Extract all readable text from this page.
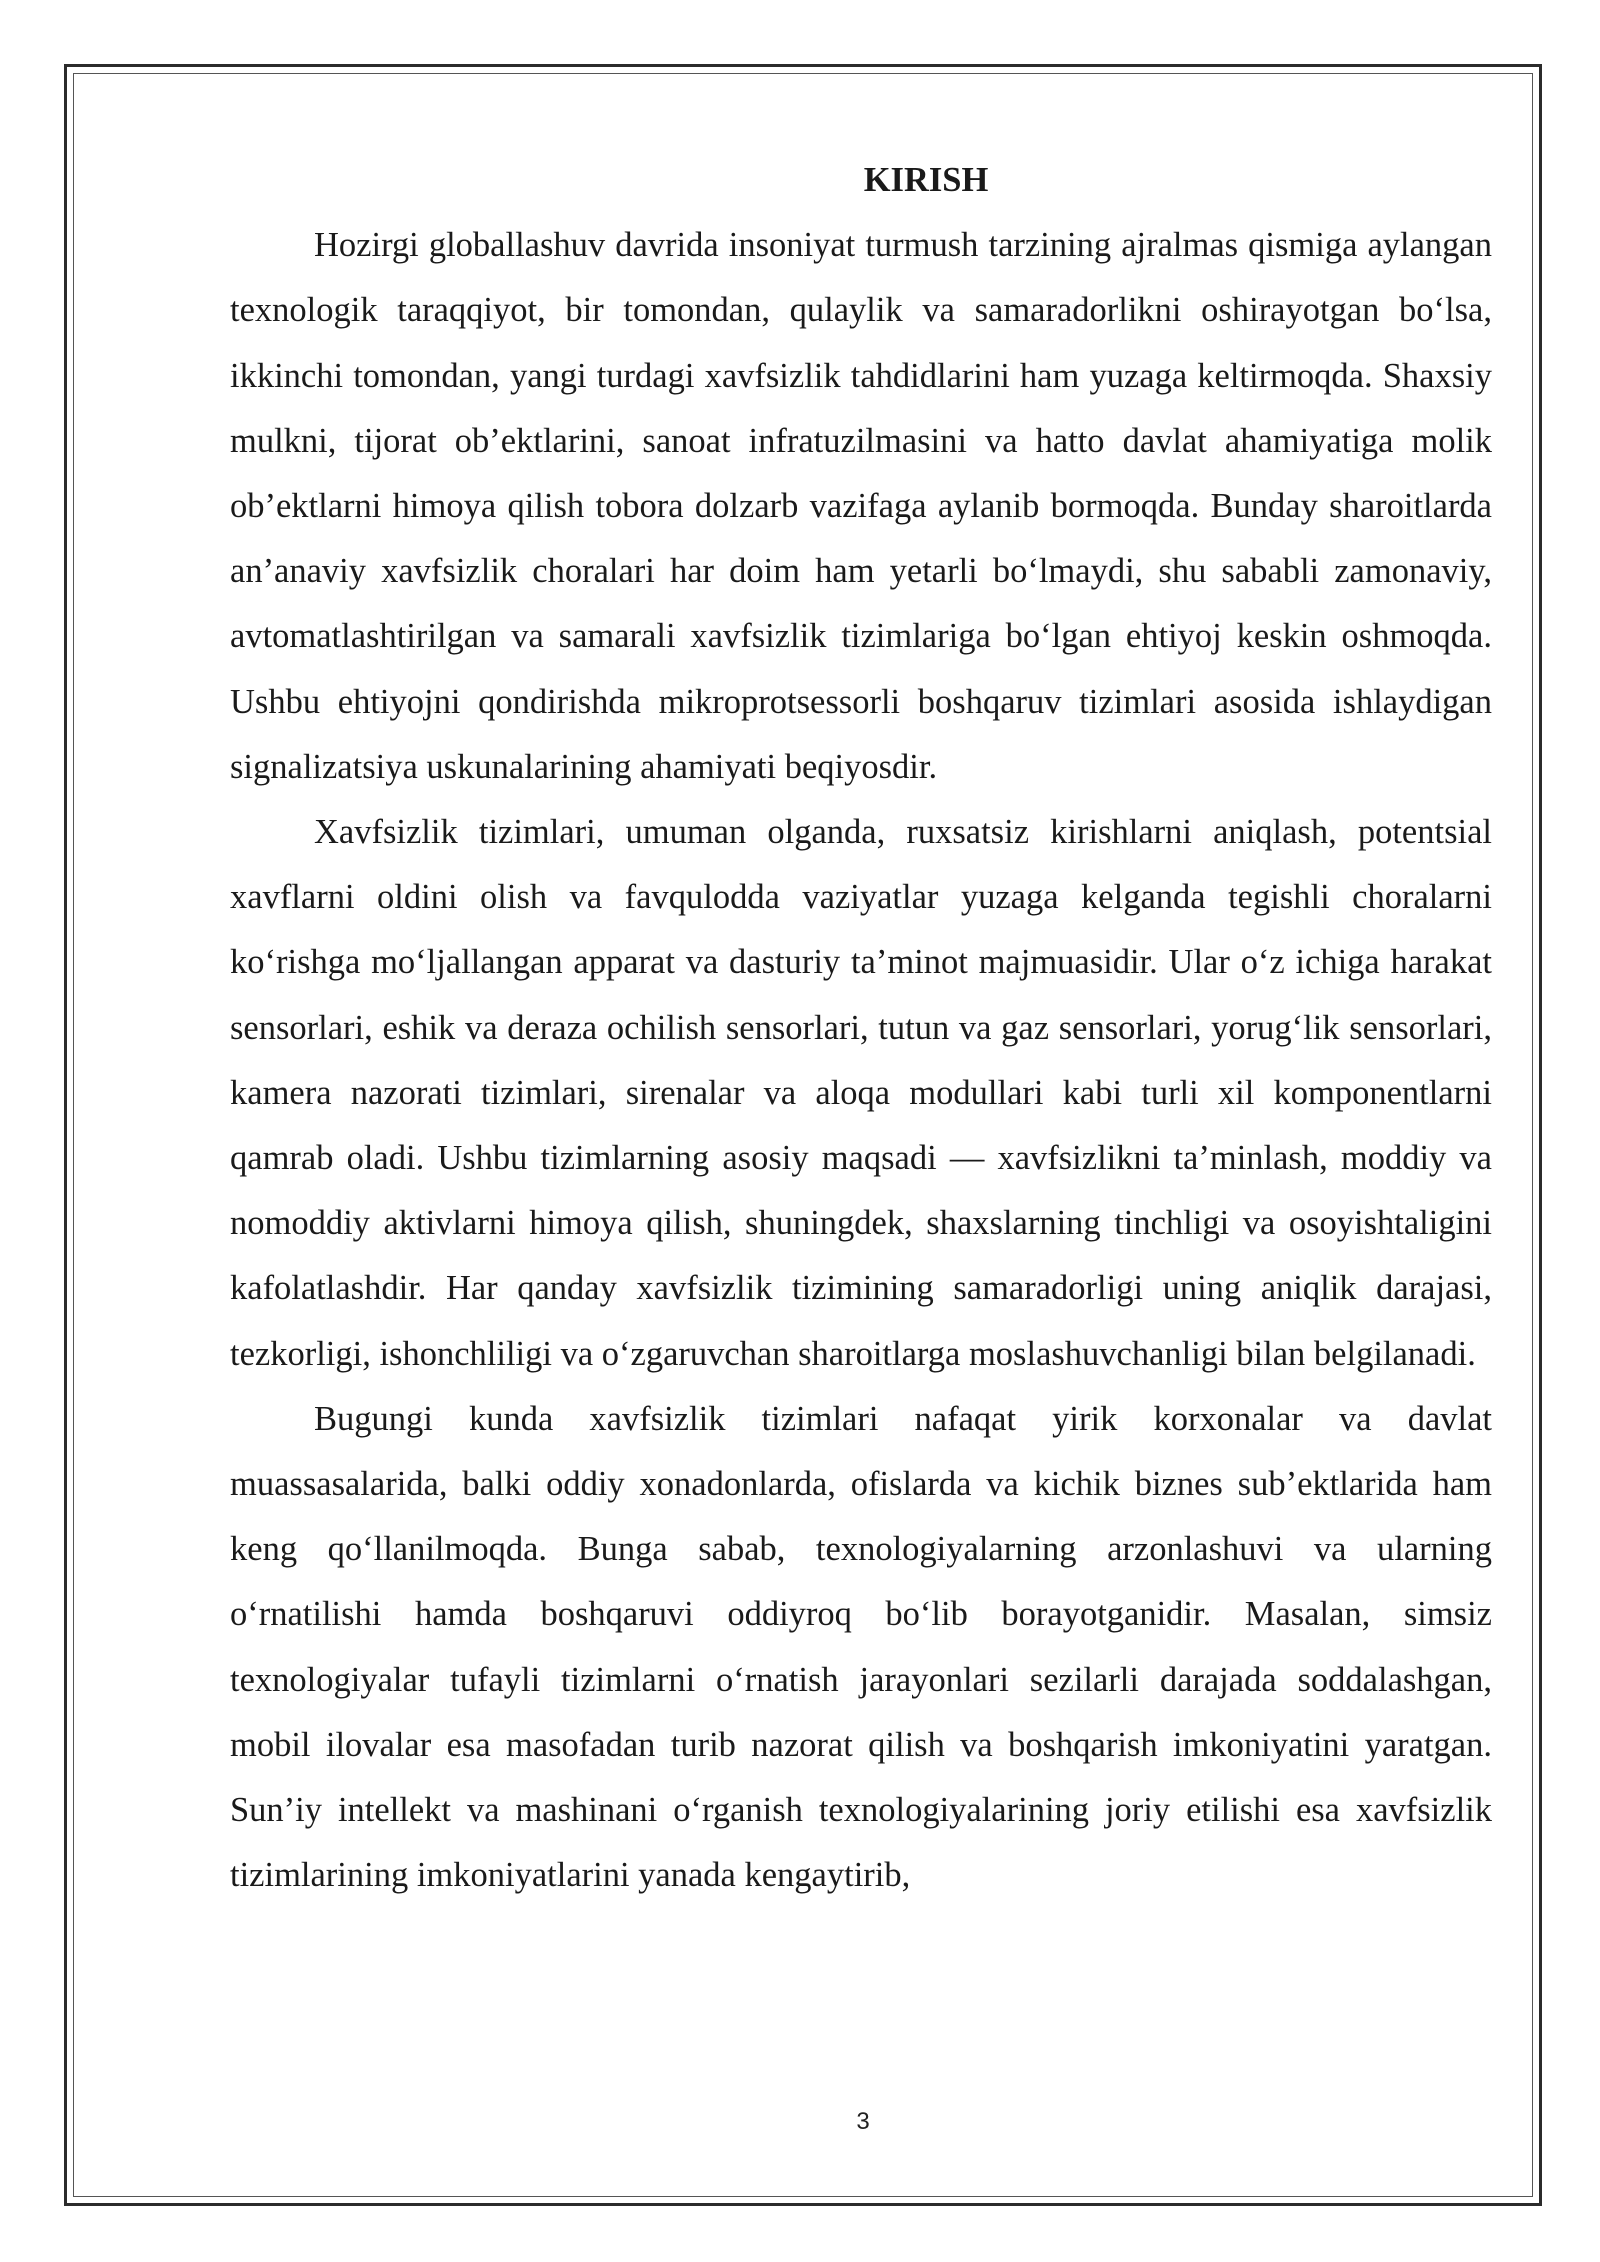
KIRISH

Hozirgi globallashuv davrida insoniyat turmush tarzining ajralmas qismiga aylangan texnologik taraqqiyot, bir tomondan, qulaylik va samaradorlikni oshirayotgan bo‘lsa, ikkinchi tomondan, yangi turdagi xavfsizlik tahdidlarini ham yuzaga keltirmoqda. Shaxsiy mulkni, tijorat ob’ektlarini, sanoat infratuzilmasini va hatto davlat ahamiyatiga molik ob’ektlarni himoya qilish tobora dolzarb vazifaga aylanib bormoqda. Bunday sharoitlarda an’anaviy xavfsizlik choralari har doim ham yetarli bo‘lmaydi, shu sababli zamonaviy, avtomatlashtirilgan va samarali xavfsizlik tizimlariga bo‘lgan ehtiyoj keskin oshmoqda. Ushbu ehtiyojni qondirishda mikroprotsessorli boshqaruv tizimlari asosida ishlaydigan signalizatsiya uskunalarining ahamiyati beqiyosdir.

Xavfsizlik tizimlari, umuman olganda, ruxsatsiz kirishlarni aniqlash, potentsial xavflarni oldini olish va favqulodda vaziyatlar yuzaga kelganda tegishli choralarni ko‘rishga mo‘ljallangan apparat va dasturiy ta’minot majmuasidir. Ular o‘z ichiga harakat sensorlari, eshik va deraza ochilish sensorlari, tutun va gaz sensorlari, yorug‘lik sensorlari, kamera nazorati tizimlari, sirenalar va aloqa modullari kabi turli xil komponentlarni qamrab oladi. Ushbu tizimlarning asosiy maqsadi — xavfsizlikni ta’minlash, moddiy va nomoddiy aktivlarni himoya qilish, shuningdek, shaxslarning tinchligi va osoyishtaligini kafolatlashdir. Har qanday xavfsizlik tizimining samaradorligi uning aniqlik darajasi, tezkorligi, ishonchliligi va o‘zgaruvchan sharoitlarga moslashuvchanligi bilan belgilanadi.

Bugungi kunda xavfsizlik tizimlari nafaqat yirik korxonalar va davlat muassasalarida, balki oddiy xonadonlarda, ofislarda va kichik biznes sub’ektlarida ham keng qo‘llanilmoqda. Bunga sabab, texnologiyalarning arzonlashuvi va ularning o‘rnatilishi hamda boshqaruvi oddiyroq bo‘lib borayotganidir. Masalan, simsiz texnologiyalar tufayli tizimlarni o‘rnatish jarayonlari sezilarli darajada soddalashgan, mobil ilovalar esa masofadan turib nazorat qilish va boshqarish imkoniyatini yaratgan. Sun’iy intellekt va mashinani o‘rganish texnologiyalarining joriy etilishi esa xavfsizlik tizimlarining imkoniyatlarini yanada kengaytirib,

3
